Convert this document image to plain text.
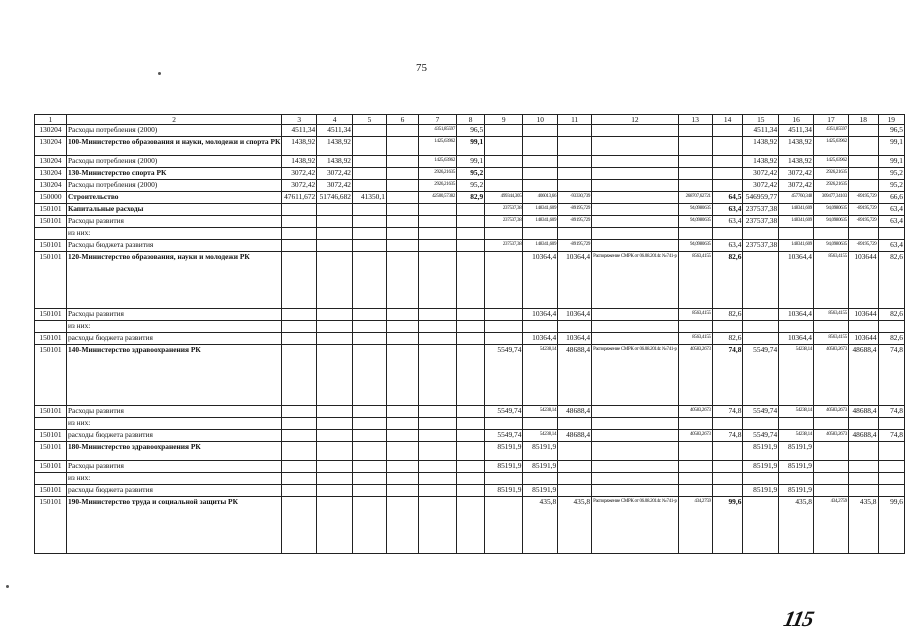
75
1	2	3	4	5	6	7	8	9	10	11	12	13	14	15	16	17	18	19
130204	Расходы потребления (2000)	4511,34	4511,34			4351,85597	96,5							4511,34	4511,34	4351,85597		96,5
130204	100-Министерство образования и науки, молодежи и спорта РК	1438,92	1438,92			1425,63962	99,1							1438,92	1438,92	1425,63962		99,1
130204	Расходы потребления (2000)	1438,92	1438,92			1425,63962	99,1							1438,92	1438,92	1425,63962		99,1
130204	130-Министерство спорта РК	3072,42	3072,42			2926,21635	95,2							3072,42	3072,42	2926,21635		95,2
130204	Расходы потребления (2000)	3072,42	3072,42			2926,21635	95,2							3072,42	3072,42	2926,21635		95,2
150000	Строительство	47611,672	51746,682	41350,1		42500,57382	82,9	499344,305	406013,66	-93330,739		268707,62721	64,5	546959,77	457760,348	309477,34103	-89195,729	66,6
150101	Капитальные расходы							237537,38	148341,609	-89195,729		94,0980635	63,4	237537,38	148341,609	94,0980635	-89195,729	63,4
150101	Расходы развития							237537,38	148341,609	-89195,729		94,0980635	63,4	237537,38	148341,609	94,0980635	-89195,729	63,4
	из них:																	
150101	Расходы бюджета развития							237537,38	148341,609	-89195,729		94,0980635	63,4	237537,38	148341,609	94,0980635	-89195,729	63,4
150101	120-Министерство образования, науки и молодежи РК								10364,4	10364,4	Распоряжение СМРК от 06.08.2014г. №741-р	8563,4155	82,6		10364,4	8563,4155	103644	82,6
150101	Расходы развития								10364,4	10364,4		8563,4155	82,6		10364,4	8563,4155	103644	82,6
	из них:																	
150101	расходы бюджета развития								10364,4	10364,4		8563,4155	82,6		10364,4	8563,4155	103644	82,6
150101	140-Министерство здравоохранения РК							5549,74	54238,14	48688,4	Распоряжение СМРК от 06.08.2014г. №741-р	40583,2673	74,8	5549,74	54238,14	40583,2673	48688,4	74,8
150101	Расходы развития							5549,74	54238,14	48688,4		40583,2673	74,8	5549,74	54238,14	40583,2673	48688,4	74,8
	из них:																	
150101	расходы бюджета развития							5549,74	54238,14	48688,4		40583,2673	74,8	5549,74	54238,14	40583,2673	48688,4	74,8
150101	180-Министерство здравоохранения РК							85191,9	85191,9					85191,9	85191,9			
150101	Расходы развития							85191,9	85191,9					85191,9	85191,9			
	из них:																	
150101	расходы бюджета развития							85191,9	85191,9					85191,9	85191,9			
150101	190-Министерство труда и социальной защиты РК								435,8	435,8	Распоряжение СМРК от 06.08.2014г. №741-р	434,2759	99,6		435,8	434,2759	435,8	99,6
115
